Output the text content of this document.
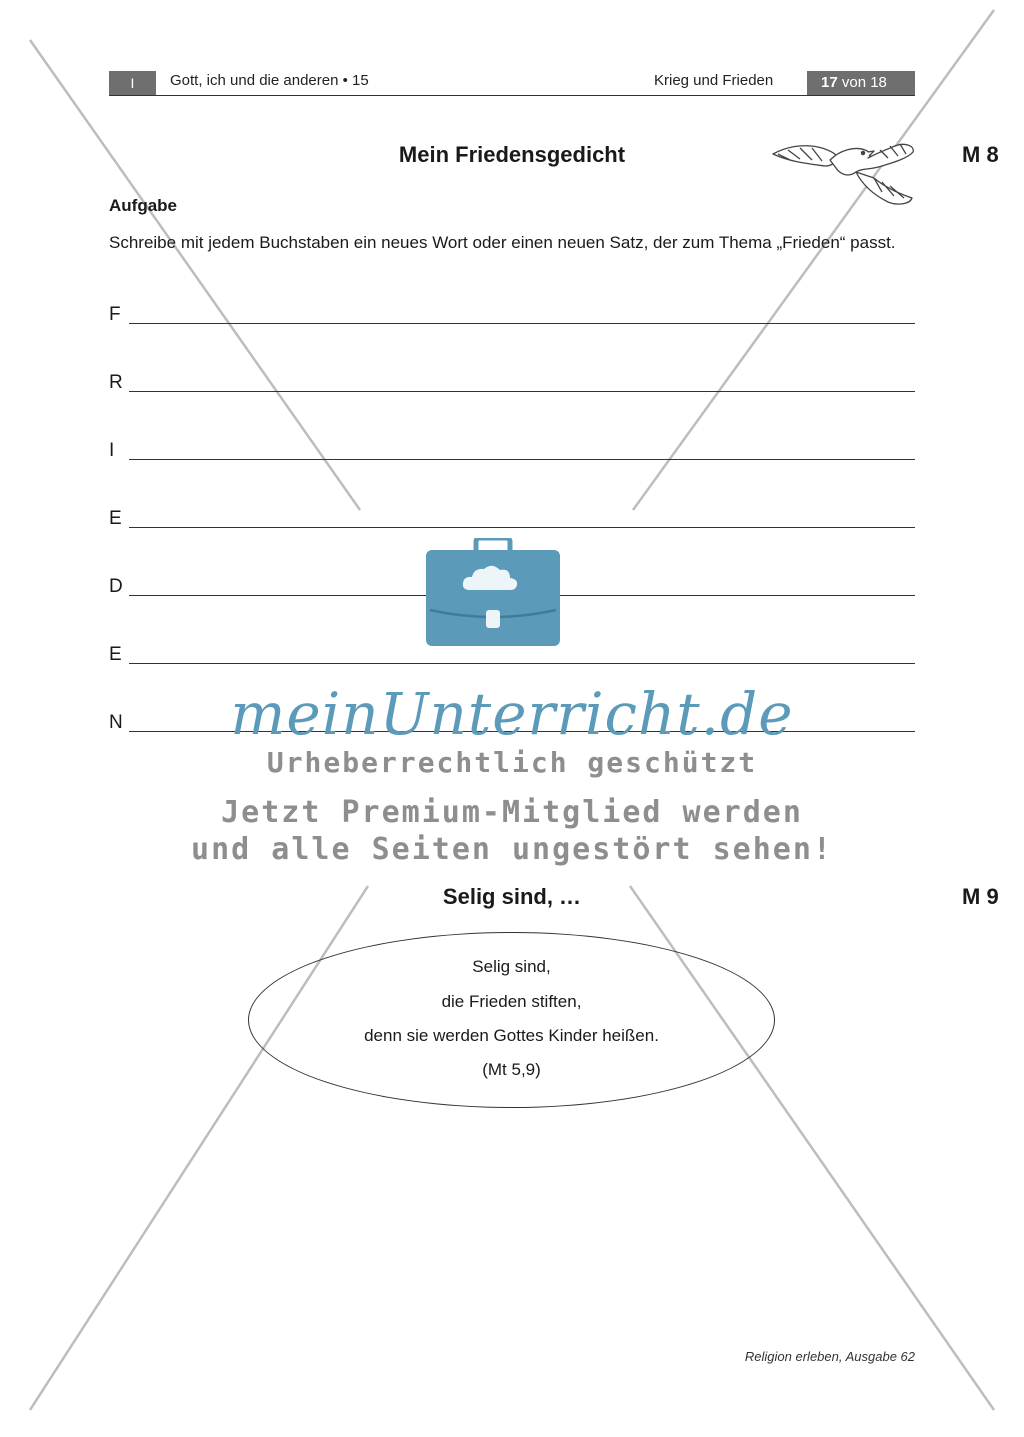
I	Gott, ich und die anderen • 15	Krieg und Frieden	17 von 18
Mein Friedensgedicht	M 8
Aufgabe
Schreibe mit jedem Buchstaben ein neues Wort oder einen neuen Satz, der zum Thema „Frieden“ passt.
F
R
I
E
D
E
N	meinUnterricht.de
Urheberrechtlich geschützt
Jetzt Premium-Mitglied werden
und alle Seiten ungestört sehen!
Selig sind, …	M 9
Selig sind,
die Frieden stiften,
denn sie werden Gottes Kinder heißen.
(Mt 5,9)
Religion erleben, Ausgabe 62
